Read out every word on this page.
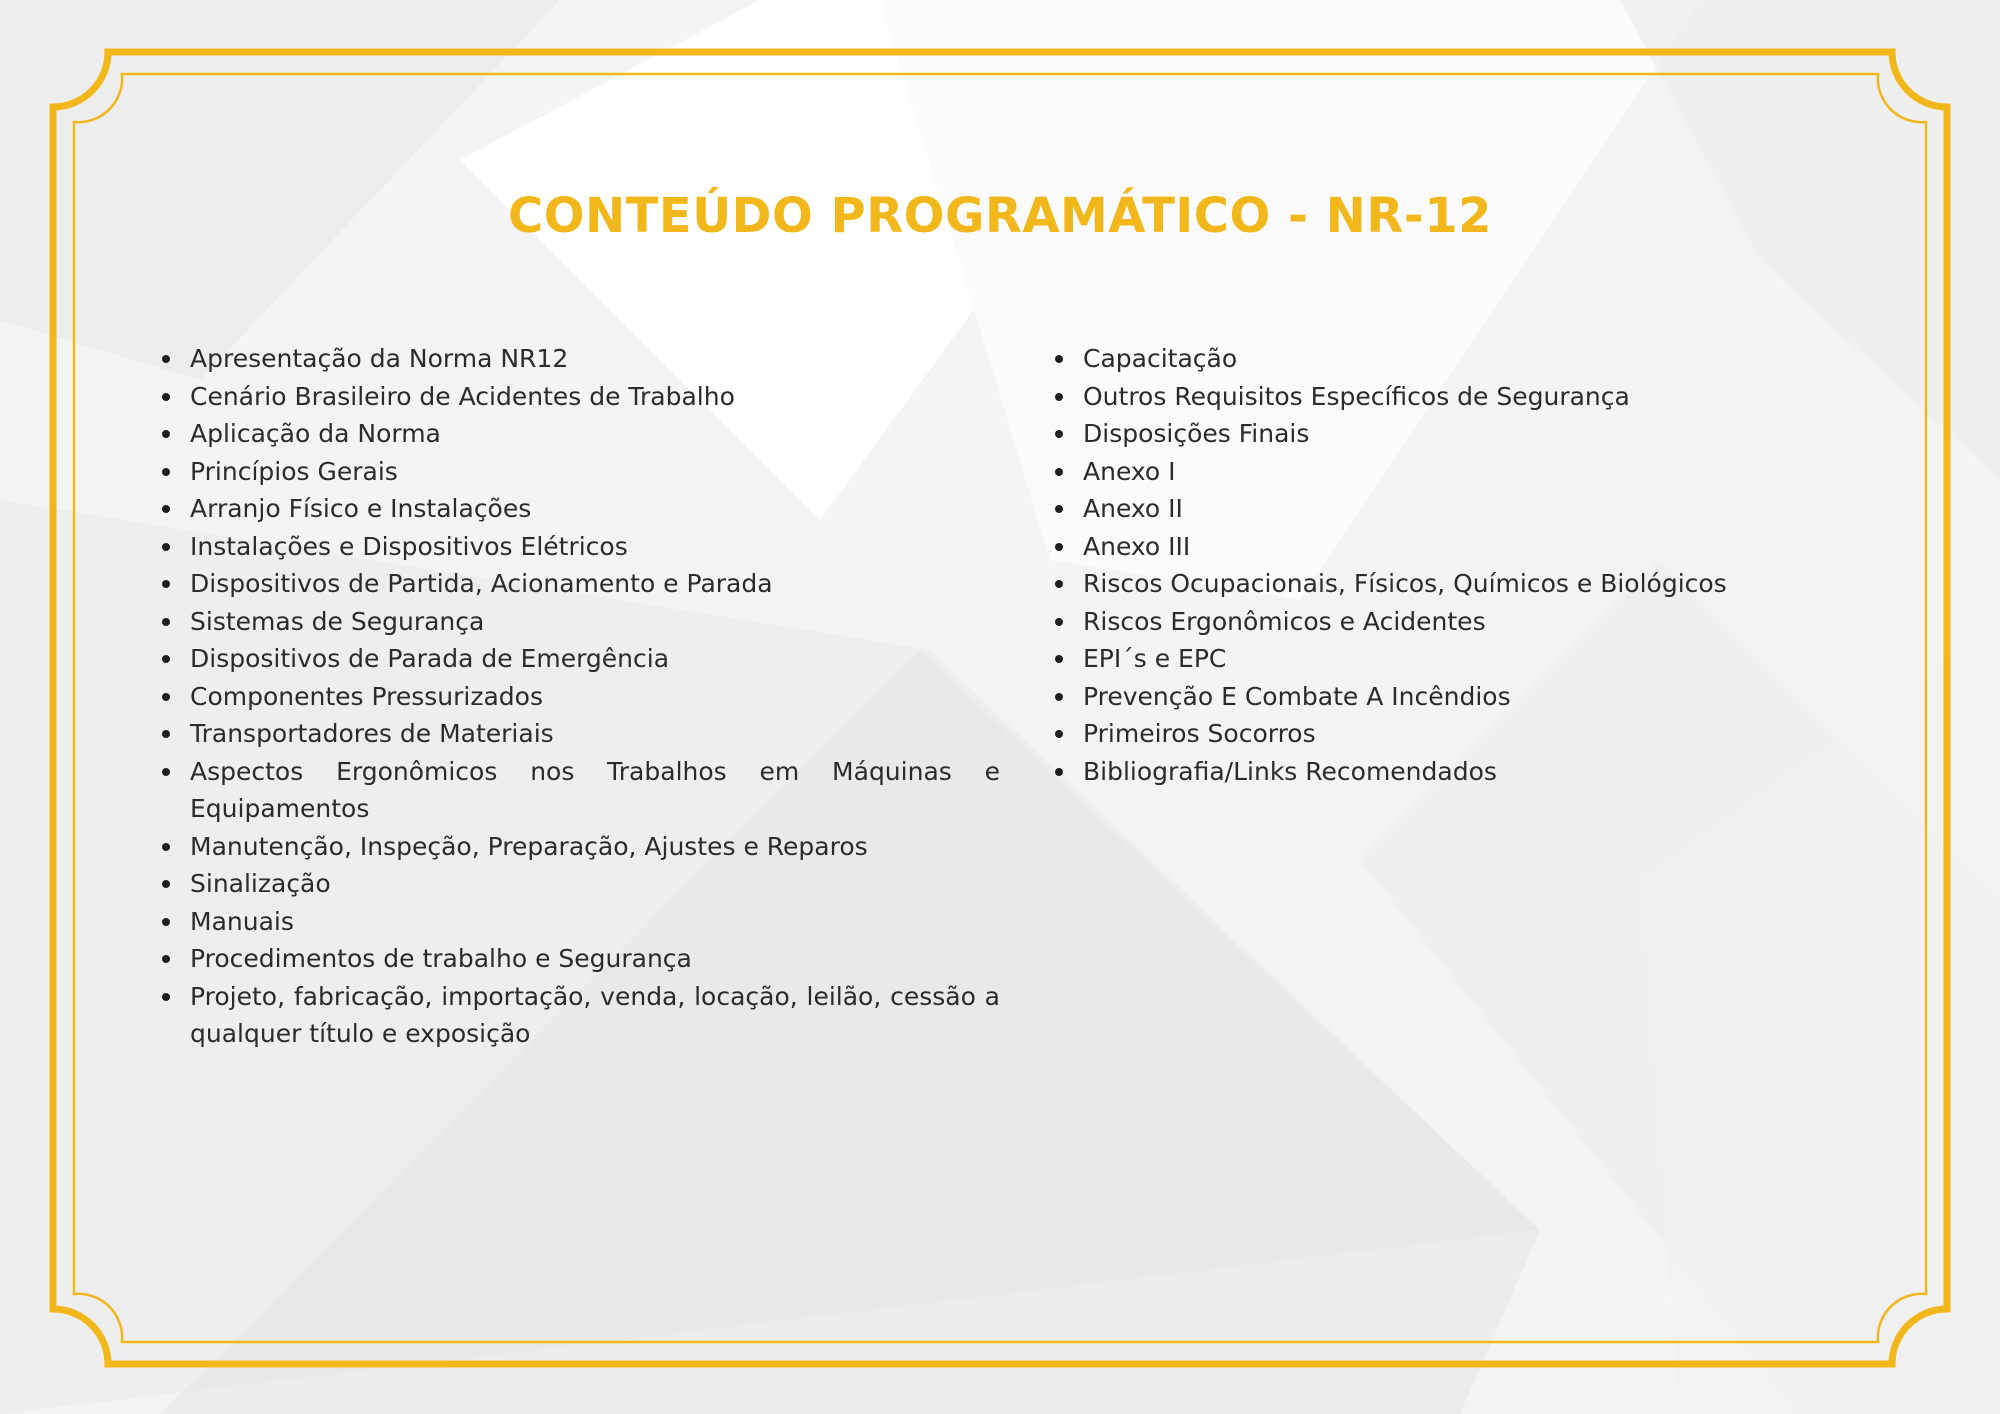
CONTEÚDO PROGRAMÁTICO - NR-12
Apresentação da Norma NR12
Cenário Brasileiro de Acidentes de Trabalho
Aplicação da Norma
Princípios Gerais
Arranjo Físico e Instalações
Instalações e Dispositivos Elétricos
Dispositivos de Partida, Acionamento e Parada
Sistemas de Segurança
Dispositivos de Parada de Emergência
Componentes Pressurizados
Transportadores de Materiais
Aspectos Ergonômicos nos Trabalhos em Máquinas e Equipamentos
Manutenção, Inspeção, Preparação, Ajustes e Reparos
Sinalização
Manuais
Procedimentos de trabalho e Segurança
Projeto, fabricação, importação, venda, locação, leilão, cessão a qualquer título e exposição
Capacitação
Outros Requisitos Específicos de Segurança
Disposições Finais
Anexo I
Anexo II
Anexo III
Riscos Ocupacionais, Físicos, Químicos e Biológicos
Riscos Ergonômicos e Acidentes
EPI´s e EPC
Prevenção E Combate A Incêndios
Primeiros Socorros
Bibliografia/Links Recomendados
